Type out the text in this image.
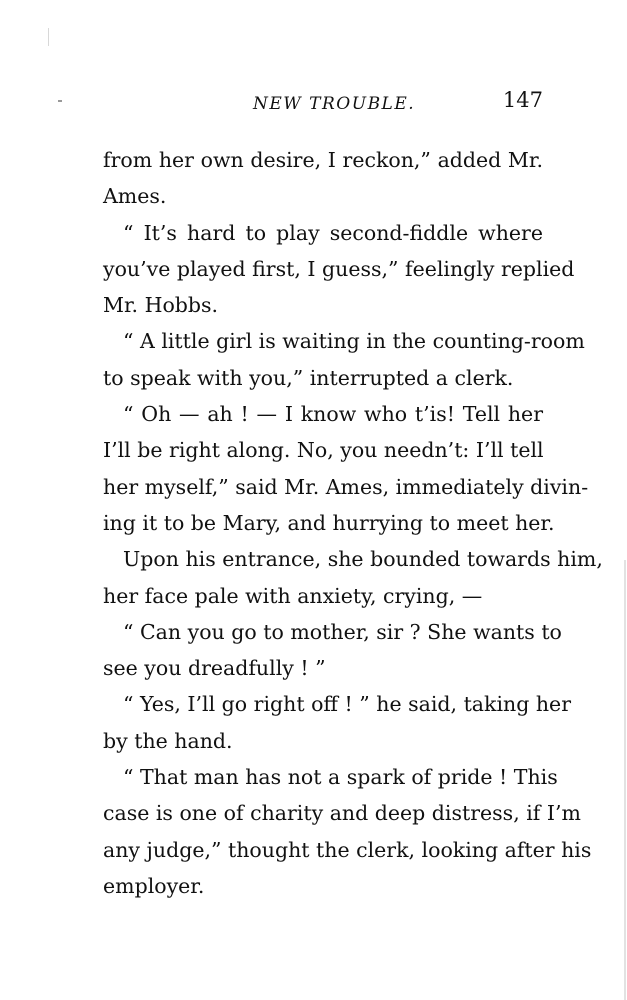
NEW TROUBLE.	147
from her own desire, I reckon,” added Mr.
Ames.
“ It’s hard to play second-fiddle where
you’ve played first, I guess,” feelingly replied
Mr. Hobbs.
“ A little girl is waiting in the counting-room
to speak with you,” interrupted a clerk.
“ Oh — ah ! — I know who t’is! Tell her
I’ll be right along. No, you needn’t: I’ll tell
her myself,” said Mr. Ames, immediately divin-
ing it to be Mary, and hurrying to meet her.
Upon his entrance, she bounded towards him,
her face pale with anxiety, crying, —
“ Can you go to mother, sir ? She wants to
see you dreadfully ! ”
“ Yes, I’ll go right off ! ” he said, taking her
by the hand.
“ That man has not a spark of pride ! This
case is one of charity and deep distress, if I’m
any judge,” thought the clerk, looking after his
employer.
